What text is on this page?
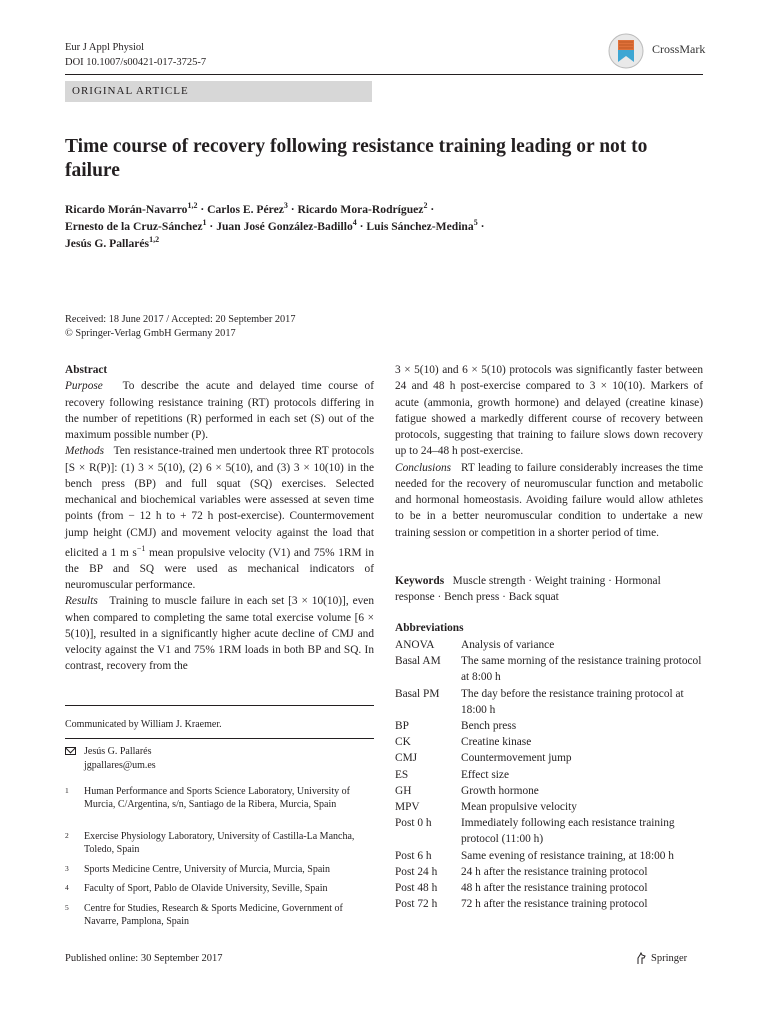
Eur J Appl Physiol
DOI 10.1007/s00421-017-3725-7
CrossMark
ORIGINAL ARTICLE
Time course of recovery following resistance training leading or not to failure
Ricardo Morán-Navarro$^{1,2}$ · Carlos E. Pérez$^3$ · Ricardo Mora-Rodríguez$^2$ ·
Ernesto de la Cruz-Sánchez$^1$ · Juan José González-Badillo$^4$ · Luis Sánchez-Medina$^5$ ·
Jesús G. Pallarés$^{1,2}$
Received: 18 June 2017 / Accepted: 20 September 2017
© Springer-Verlag GmbH Germany 2017

Abstract

Purpose To describe the acute and delayed time course of recovery following resistance training (RT) protocols differing in the number of repetitions (R) performed in each set (S) out of the maximum possible number (P).

Methods Ten resistance-trained men undertook three RT protocols [S × R(P)]: (1) 3 × 5(10), (2) 6 × 5(10), and (3) 3 × 10(10) in the bench press (BP) and full squat (SQ) exercises. Selected mechanical and biochemical variables were assessed at seven time points (from − 12 h to + 72 h post-exercise). Countermovement jump height (CMJ) and movement velocity against the load that elicited a 1 m $s^{-1}$ mean propulsive velocity (V1) and 75% 1RM in the BP and SQ were used as mechanical indicators of neuromuscular performance.

Results Training to muscle failure in each set [3 × 10(10)], even when compared to completing the same total exercise volume [6 × 5(10)], resulted in a significantly higher acute decline of CMJ and velocity against the V1 and 75% 1RM loads in both BP and SQ. In contrast, recovery from the

3 × 5(10) and 6 × 5(10) protocols was significantly faster between 24 and 48 h post-exercise compared to 3 × 10(10). Markers of acute (ammonia, growth hormone) and delayed (creatine kinase) fatigue showed a markedly different course of recovery between protocols, suggesting that training to failure slows down recovery up to 24–48 h post-exercise.

Conclusions RT leading to failure considerably increases the time needed for the recovery of neuromuscular function and metabolic and hormonal homeostasis. Avoiding failure would allow athletes to be in a better neuromuscular condition to undertake a new training session or competition in a shorter period of time.

Keywords Muscle strength · Weight training · Hormonal response · Bench press · Back squat
Abbreviations
ANOVA	Analysis of variance
Basal AM	The same morning of the resistance training protocol at 8:00 h
Basal PM	The day before the resistance training protocol at 18:00 h
BP	Bench press
CK	Creatine kinase
CMJ	Countermovement jump
ES	Effect size
GH	Growth hormone
MPV	Mean propulsive velocity
Post 0 h	Immediately following each resistance training protocol (11:00 h)
Post 6 h	Same evening of resistance training, at 18:00 h
Post 24 h	24 h after the resistance training protocol
Post 48 h	48 h after the resistance training protocol
Post 72 h	72 h after the resistance training protocol
Communicated by William J. Kraemer.
Jesús G. Pallarés
jgpallares@um.es
1 Human Performance and Sports Science Laboratory, University of Murcia, C/Argentina, s/n, Santiago de la Ribera, Murcia, Spain
2 Exercise Physiology Laboratory, University of Castilla-La Mancha, Toledo, Spain
3 Sports Medicine Centre, University of Murcia, Murcia, Spain
4 Faculty of Sport, Pablo de Olavide University, Seville, Spain
5 Centre for Studies, Research & Sports Medicine, Government of Navarre, Pamplona, Spain
Published online: 30 September 2017	Springer
